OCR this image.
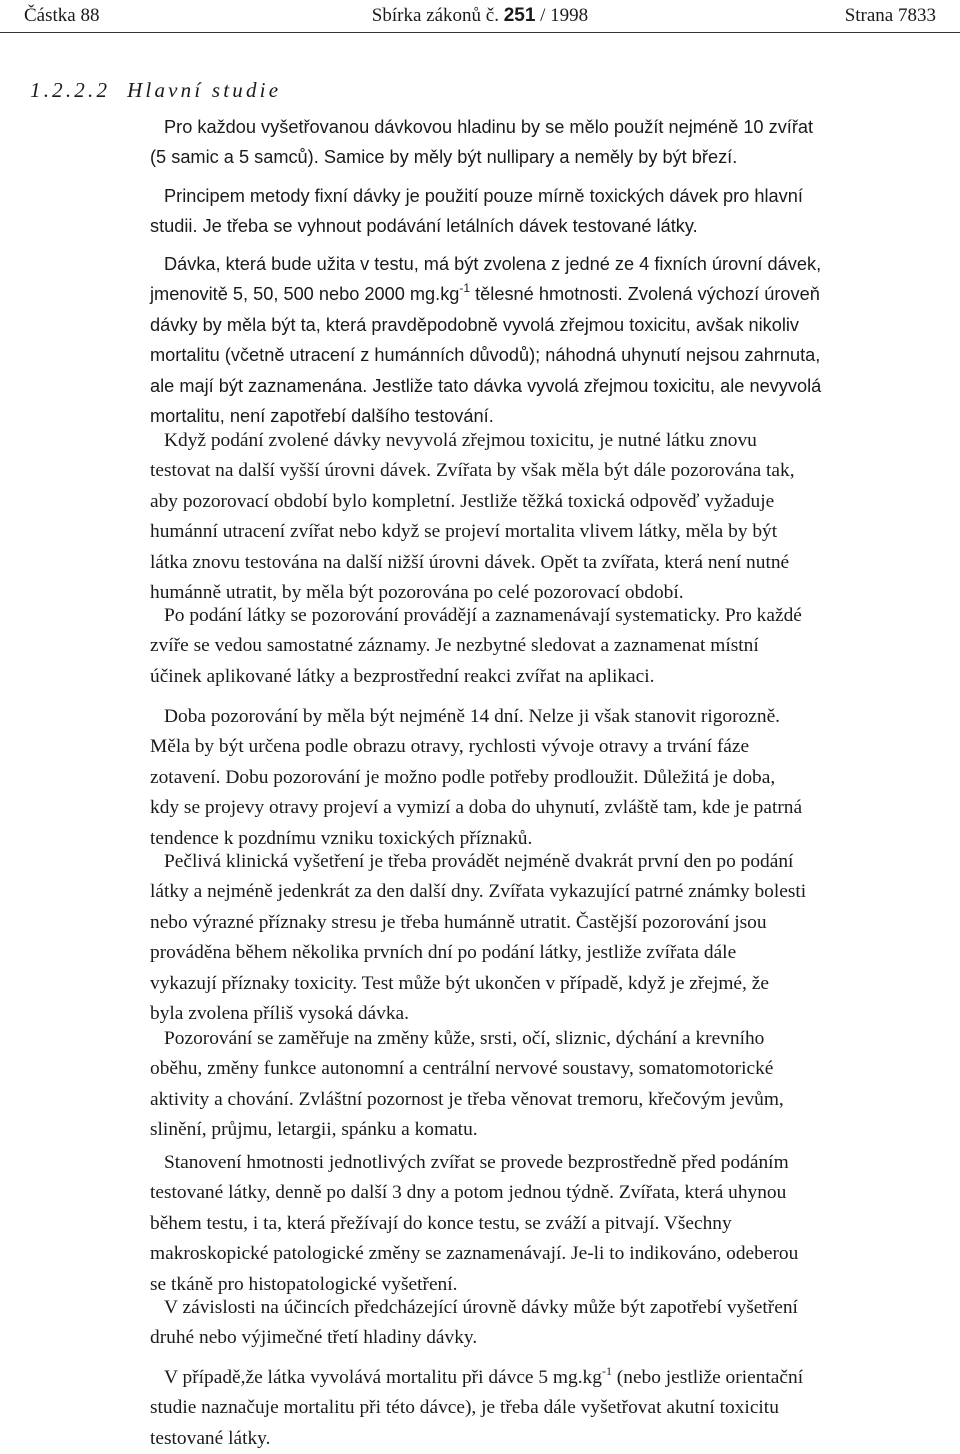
Částka 88	Sbírka zákonů č. 251 / 1998	Strana 7833
1.2.2.2 Hlavní studie

Pro každou vyšetřovanou dávkovou hladinu by se mělo použít nejméně 10 zvířat
(5 samic a 5 samců). Samice by měly být nullipary a neměly by být březí.

Principem metody fixní dávky je použití pouze mírně toxických dávek pro hlavní
studii. Je třeba se vyhnout podávání letálních dávek testované látky.

Dávka, která bude užita v testu, má být zvolena z jedné ze 4 fixních úrovní dávek,
jmenovitě 5, 50, 500 nebo 2000 $mg.kg^{-1}$ tělesné hmotnosti. Zvolená výchozí úroveň
dávky by měla být ta, která pravděpodobně vyvolá zřejmou toxicitu, avšak nikoliv
mortalitu (včetně utracení z humánních důvodů); náhodná uhynutí nejsou zahrnuta,
ale mají být zaznamenána. Jestliže tato dávka vyvolá zřejmou toxicitu, ale nevyvolá
mortalitu, není zapotřebí dalšího testování.

Když podání zvolené dávky nevyvolá zřejmou toxicitu, je nutné látku znovu
testovat na další vyšší úrovni dávek. Zvířata by však měla být dále pozorována tak,
aby pozorovací období bylo kompletní. Jestliže těžká toxická odpověď vyžaduje
humánní utracení zvířat nebo když se projeví mortalita vlivem látky, měla by být
látka znovu testována na další nižší úrovni dávek. Opět ta zvířata, která není nutné
humánně utratit, by měla být pozorována po celé pozorovací období.

Po podání látky se pozorování provádějí a zaznamenávají systematicky. Pro každé
zvíře se vedou samostatné záznamy. Je nezbytné sledovat a zaznamenat místní
účinek aplikované látky a bezprostřední reakci zvířat na aplikaci.

Doba pozorování by měla být nejméně 14 dní. Nelze ji však stanovit rigorozně.
Měla by být určena podle obrazu otravy, rychlosti vývoje otravy a trvání fáze
zotavení. Dobu pozorování je možno podle potřeby prodloužit. Důležitá je doba,
kdy se projevy otravy projeví a vymizí a doba do uhynutí, zvláště tam, kde je patrná
tendence k pozdnímu vzniku toxických příznaků.

Pečlivá klinická vyšetření je třeba provádět nejméně dvakrát první den po podání
látky a nejméně jedenkrát za den další dny. Zvířata vykazující patrné známky bolesti
nebo výrazné příznaky stresu je třeba humánně utratit. Častější pozorování jsou
prováděna během několika prvních dní po podání látky, jestliže zvířata dále
vykazují příznaky toxicity. Test může být ukončen v případě, když je zřejmé, že
byla zvolena příliš vysoká dávka.

Pozorování se zaměřuje na změny kůže, srsti, očí, sliznic, dýchání a krevního
oběhu, změny funkce autonomní a centrální nervové soustavy, somatomotorické
aktivity a chování. Zvláštní pozornost je třeba věnovat tremoru, křečovým jevům,
slinění, průjmu, letargii, spánku a komatu.

Stanovení hmotnosti jednotlivých zvířat se provede bezprostředně před podáním
testované látky, denně po další 3 dny a potom jednou týdně. Zvířata, která uhynou
během testu, i ta, která přežívají do konce testu, se zváží a pitvají. Všechny
makroskopické patologické změny se zaznamenávají. Je-li to indikováno, odeberou
se tkáně pro histopatologické vyšetření.

V závislosti na účincích předcházející úrovně dávky může být zapotřebí vyšetření
druhé nebo výjimečné třetí hladiny dávky.

V případě,že látka vyvolává mortalitu při dávce 5 $mg.kg^{-1}$ (nebo jestliže orientační
studie naznačuje mortalitu při této dávce), je třeba dále vyšetřovat akutní toxicitu
testované látky.
